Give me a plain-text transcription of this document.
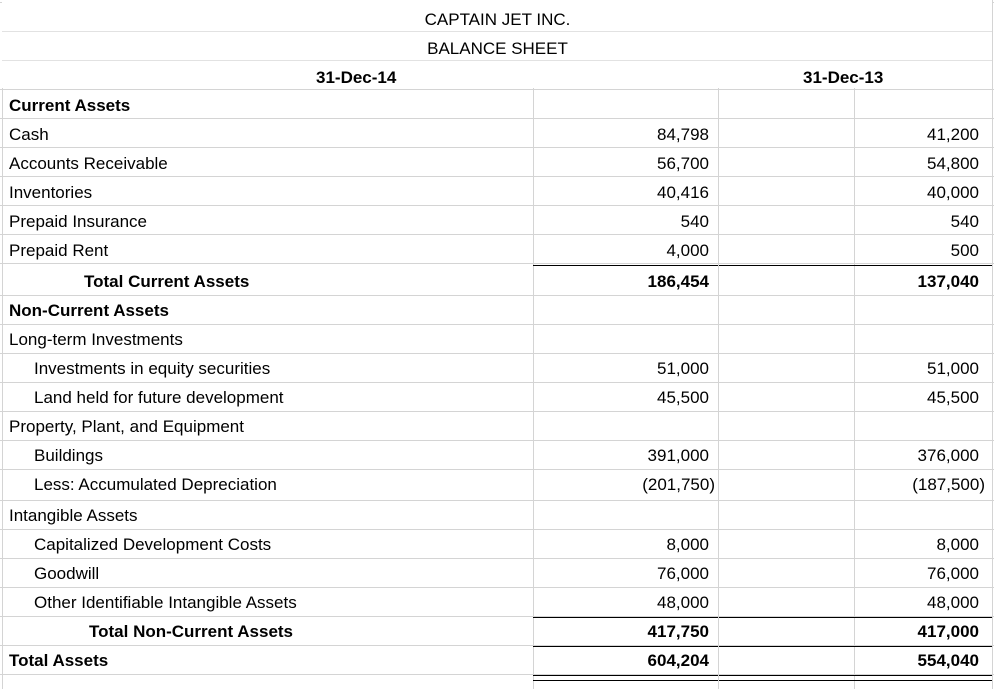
CAPTAIN JET INC.
BALANCE SHEET
31-Dec-14	31-Dec-13
Current Assets
Cash	84,798	41,200
Accounts Receivable	56,700	54,800
Inventories	40,416	40,000
Prepaid Insurance	540	540
Prepaid Rent	4,000	500
Total Current Assets	186,454	137,040
Non-Current Assets
Long-term Investments
Investments in equity securities	51,000	51,000
Land held for future development	45,500	45,500
Property, Plant, and Equipment
Buildings	391,000	376,000
Less: Accumulated Depreciation	(201,750)	(187,500)
Intangible Assets
Capitalized Development Costs	8,000	8,000
Goodwill	76,000	76,000
Other Identifiable Intangible Assets	48,000	48,000
Total Non-Current Assets	417,750	417,000
Total Assets	604,204	554,040
